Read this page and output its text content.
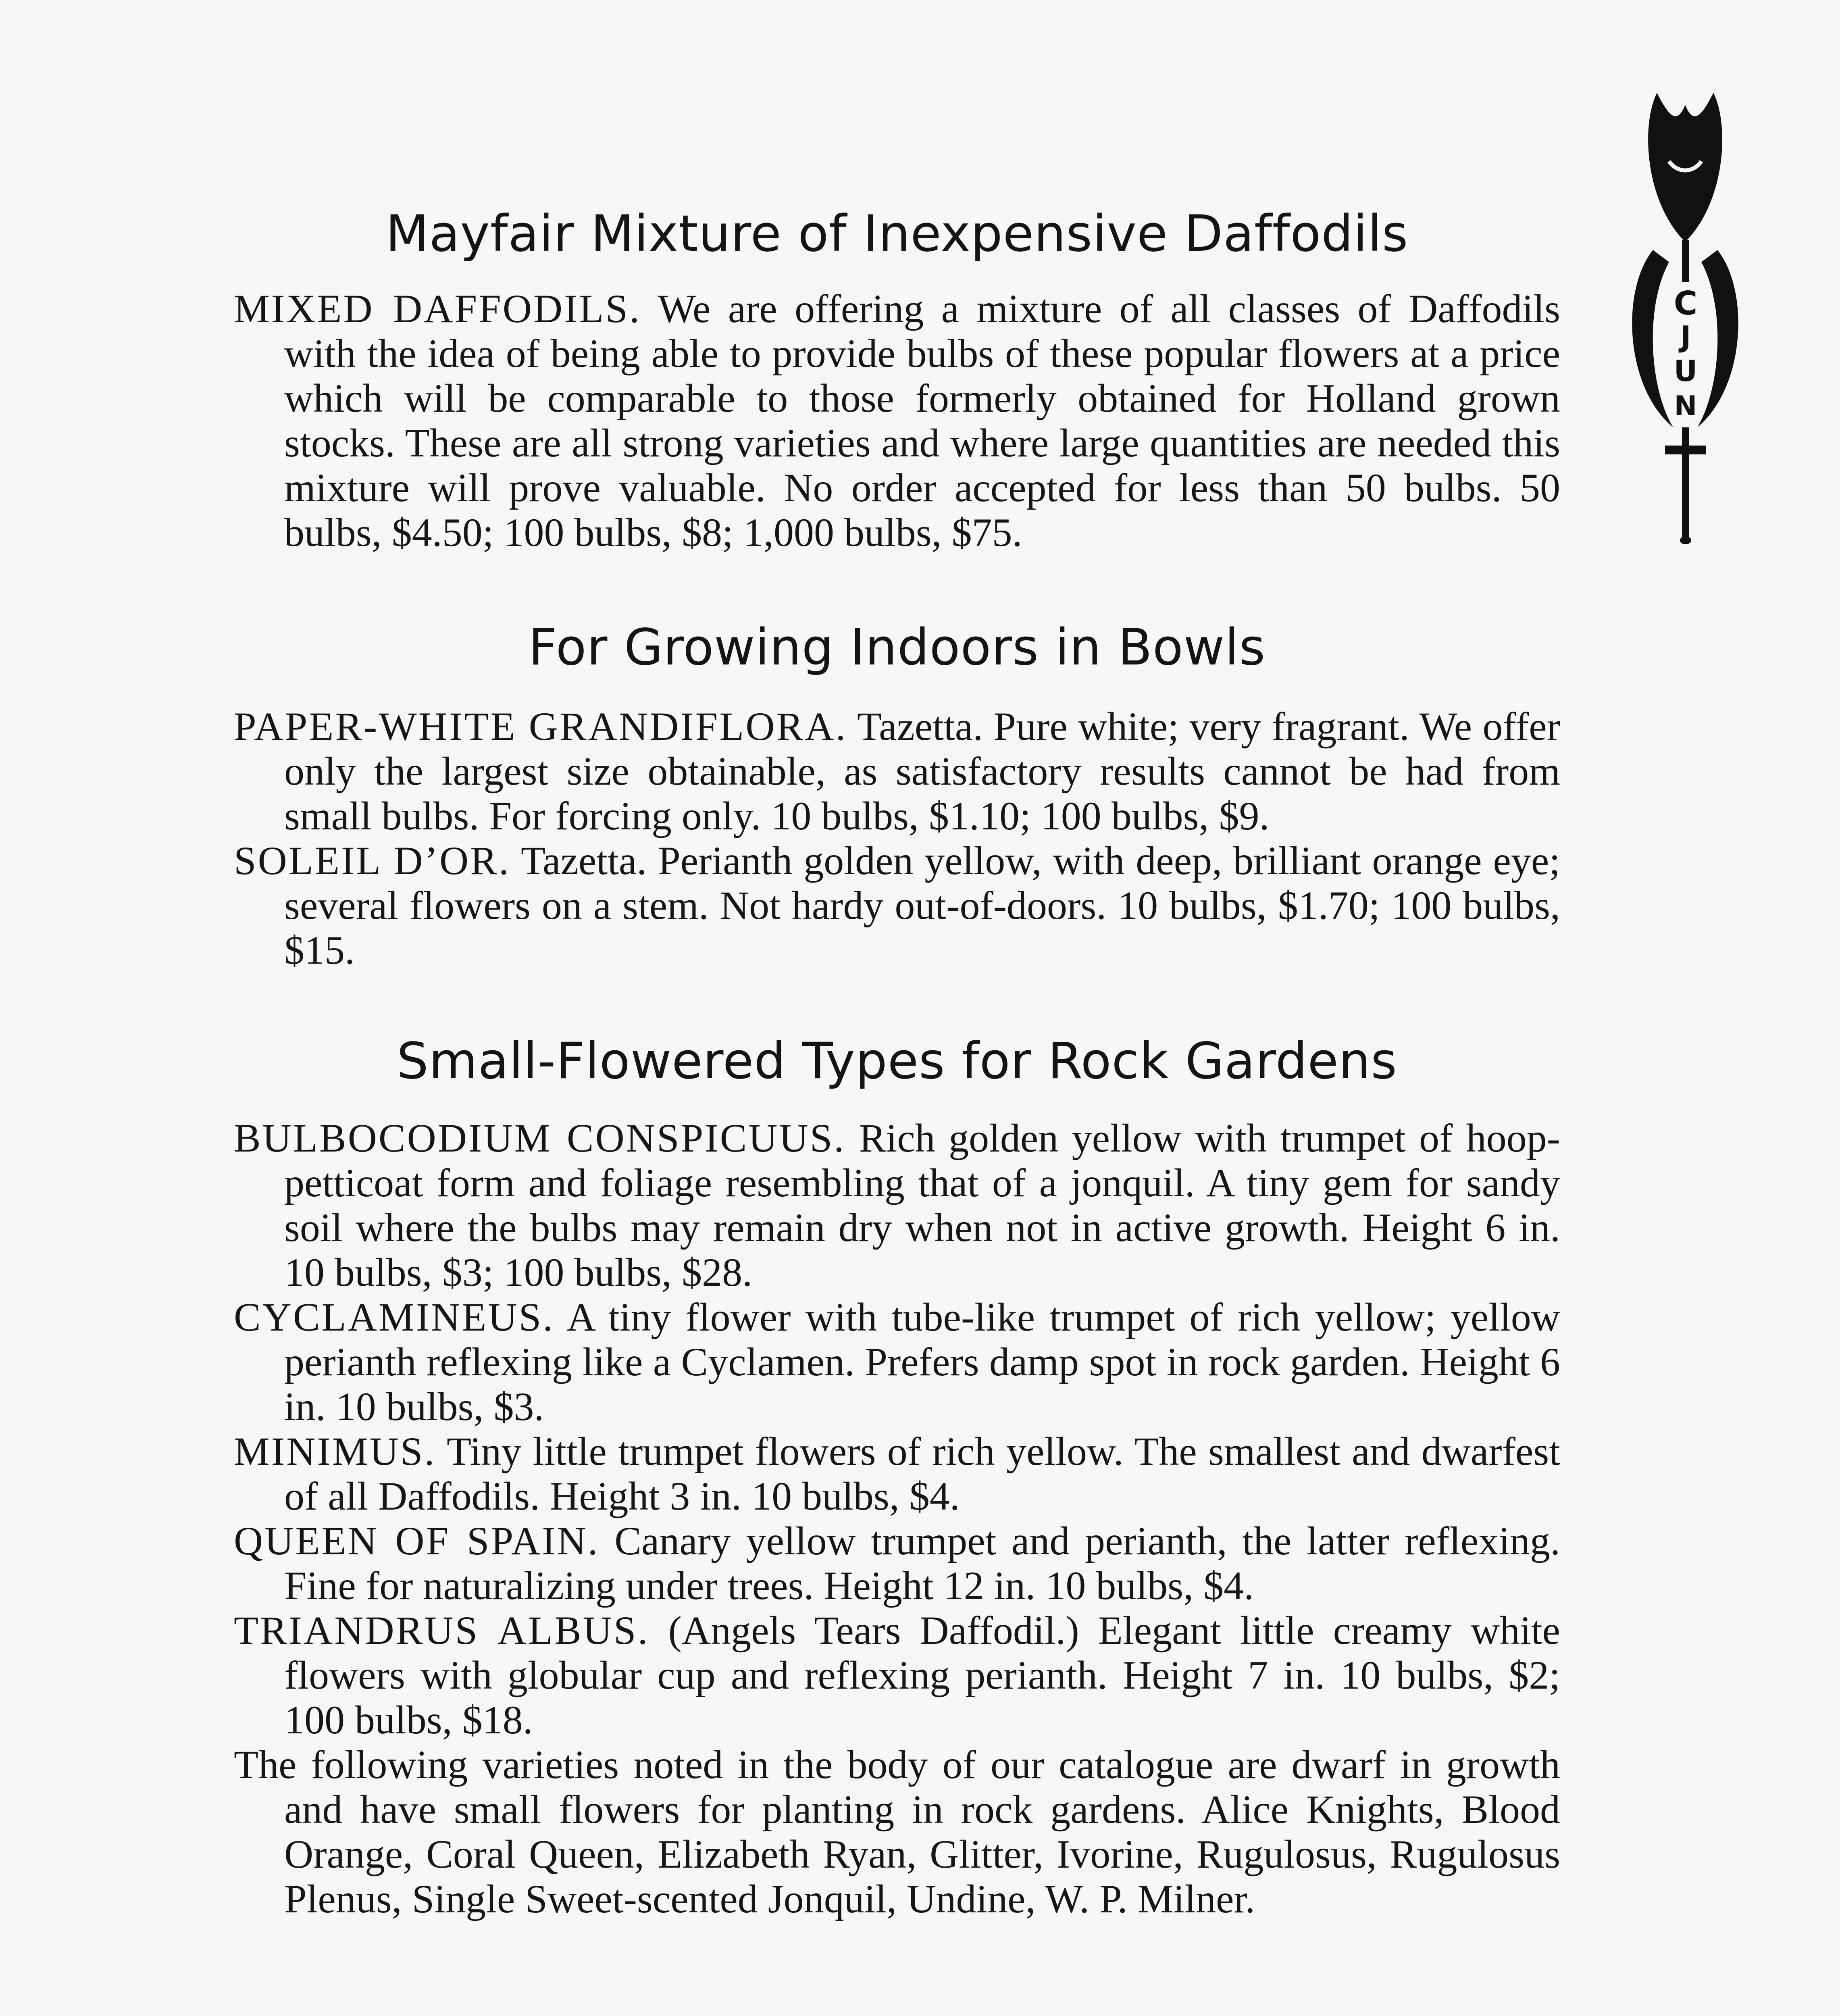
C
J
U
N
Mayfair Mixture of Inexpensive Daffodils

MIXED DAFFODILS. We are offering a mixture of all classes of Daffodils with the idea of being able to provide bulbs of these popular flowers at a price which will be comparable to those formerly obtained for Holland grown stocks. These are all strong varieties and where large quantities are needed this mixture will prove valuable. No order accepted for less than 50 bulbs. 50 bulbs, $4.50; 100 bulbs, $8; 1,000 bulbs, $75.

For Growing Indoors in Bowls

PAPER-WHITE GRANDIFLORA. Tazetta. Pure white; very fragrant. We offer only the largest size obtainable, as satisfactory results cannot be had from small bulbs. For forcing only. 10 bulbs, $1.10; 100 bulbs, $9.

SOLEIL D’OR. Tazetta. Perianth golden yellow, with deep, brilliant orange eye; several flowers on a stem. Not hardy out-of-doors. 10 bulbs, $1.70; 100 bulbs, $15.

Small-Flowered Types for Rock Gardens

BULBOCODIUM CONSPICUUS. Rich golden yellow with trumpet of hoop-petticoat form and foliage resembling that of a jonquil. A tiny gem for sandy soil where the bulbs may remain dry when not in active growth. Height 6 in. 10 bulbs, $3; 100 bulbs, $28.

CYCLAMINEUS. A tiny flower with tube-like trumpet of rich yellow; yellow perianth reflexing like a Cyclamen. Prefers damp spot in rock garden. Height 6 in. 10 bulbs, $3.

MINIMUS. Tiny little trumpet flowers of rich yellow. The smallest and dwarfest of all Daffodils. Height 3 in. 10 bulbs, $4.

QUEEN OF SPAIN. Canary yellow trumpet and perianth, the latter reflexing. Fine for naturalizing under trees. Height 12 in. 10 bulbs, $4.

TRIANDRUS ALBUS. (Angels Tears Daffodil.) Elegant little creamy white flowers with globular cup and reflexing perianth. Height 7 in. 10 bulbs, $2; 100 bulbs, $18.

The following varieties noted in the body of our catalogue are dwarf in growth and have small flowers for planting in rock gardens. Alice Knights, Blood Orange, Coral Queen, Elizabeth Ryan, Glitter, Ivorine, Rugulosus, Rugulosus Plenus, Single Sweet-scented Jonquil, Undine, W. P. Milner.
